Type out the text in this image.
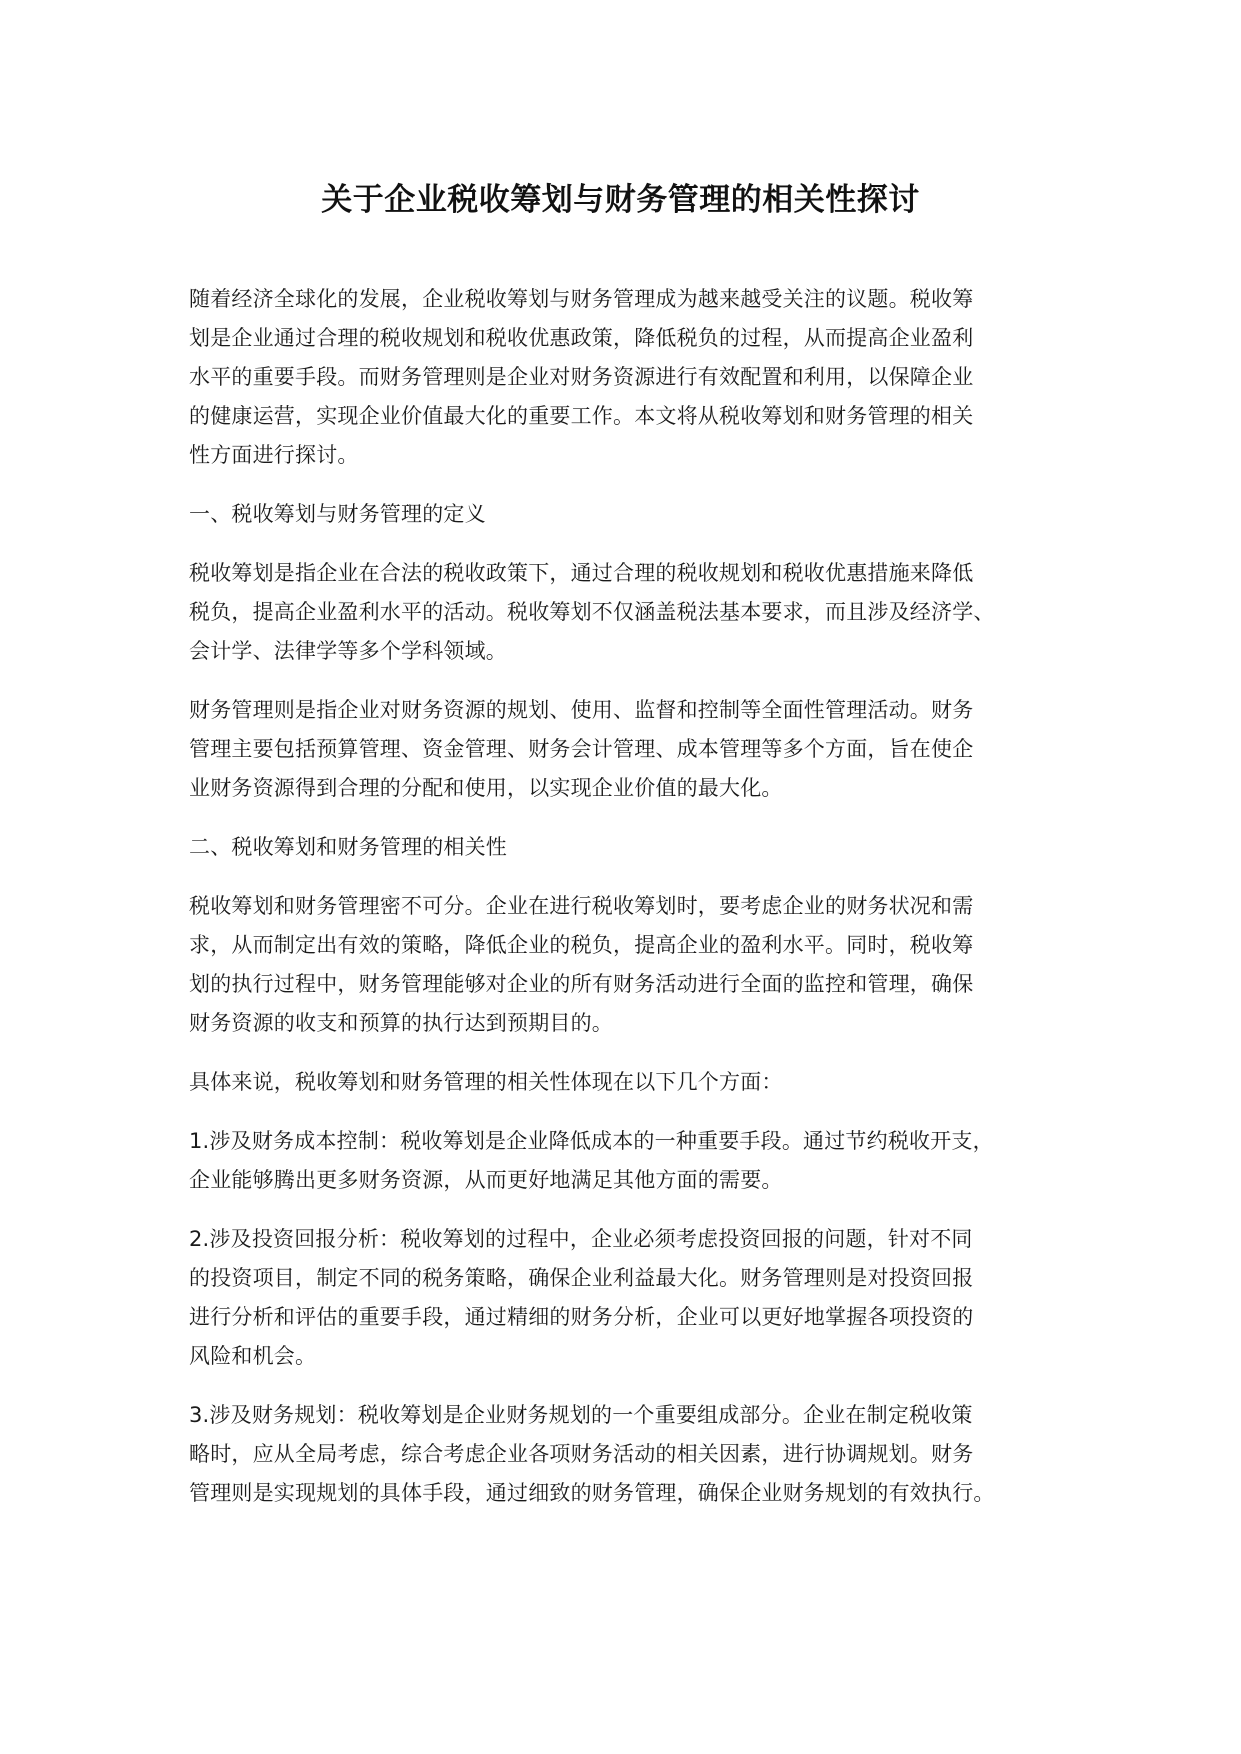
关于企业税收筹划与财务管理的相关性探讨

随着经济全球化的发展，企业税收筹划与财务管理成为越来越受关注的议题。税收筹
划是企业通过合理的税收规划和税收优惠政策，降低税负的过程，从而提高企业盈利
水平的重要手段。而财务管理则是企业对财务资源进行有效配置和利用，以保障企业
的健康运营，实现企业价值最大化的重要工作。本文将从税收筹划和财务管理的相关
性方面进行探讨。

一、税收筹划与财务管理的定义

税收筹划是指企业在合法的税收政策下，通过合理的税收规划和税收优惠措施来降低
税负，提高企业盈利水平的活动。税收筹划不仅涵盖税法基本要求，而且涉及经济学、
会计学、法律学等多个学科领域。

财务管理则是指企业对财务资源的规划、使用、监督和控制等全面性管理活动。财务
管理主要包括预算管理、资金管理、财务会计管理、成本管理等多个方面，旨在使企
业财务资源得到合理的分配和使用，以实现企业价值的最大化。

二、税收筹划和财务管理的相关性

税收筹划和财务管理密不可分。企业在进行税收筹划时，要考虑企业的财务状况和需
求，从而制定出有效的策略，降低企业的税负，提高企业的盈利水平。同时，税收筹
划的执行过程中，财务管理能够对企业的所有财务活动进行全面的监控和管理，确保
财务资源的收支和预算的执行达到预期目的。

具体来说，税收筹划和财务管理的相关性体现在以下几个方面：

1.涉及财务成本控制：税收筹划是企业降低成本的一种重要手段。通过节约税收开支，
企业能够腾出更多财务资源，从而更好地满足其他方面的需要。

2.涉及投资回报分析：税收筹划的过程中，企业必须考虑投资回报的问题，针对不同
的投资项目，制定不同的税务策略，确保企业利益最大化。财务管理则是对投资回报
进行分析和评估的重要手段，通过精细的财务分析，企业可以更好地掌握各项投资的
风险和机会。

3.涉及财务规划：税收筹划是企业财务规划的一个重要组成部分。企业在制定税收策
略时，应从全局考虑，综合考虑企业各项财务活动的相关因素，进行协调规划。财务
管理则是实现规划的具体手段，通过细致的财务管理，确保企业财务规划的有效执行。
